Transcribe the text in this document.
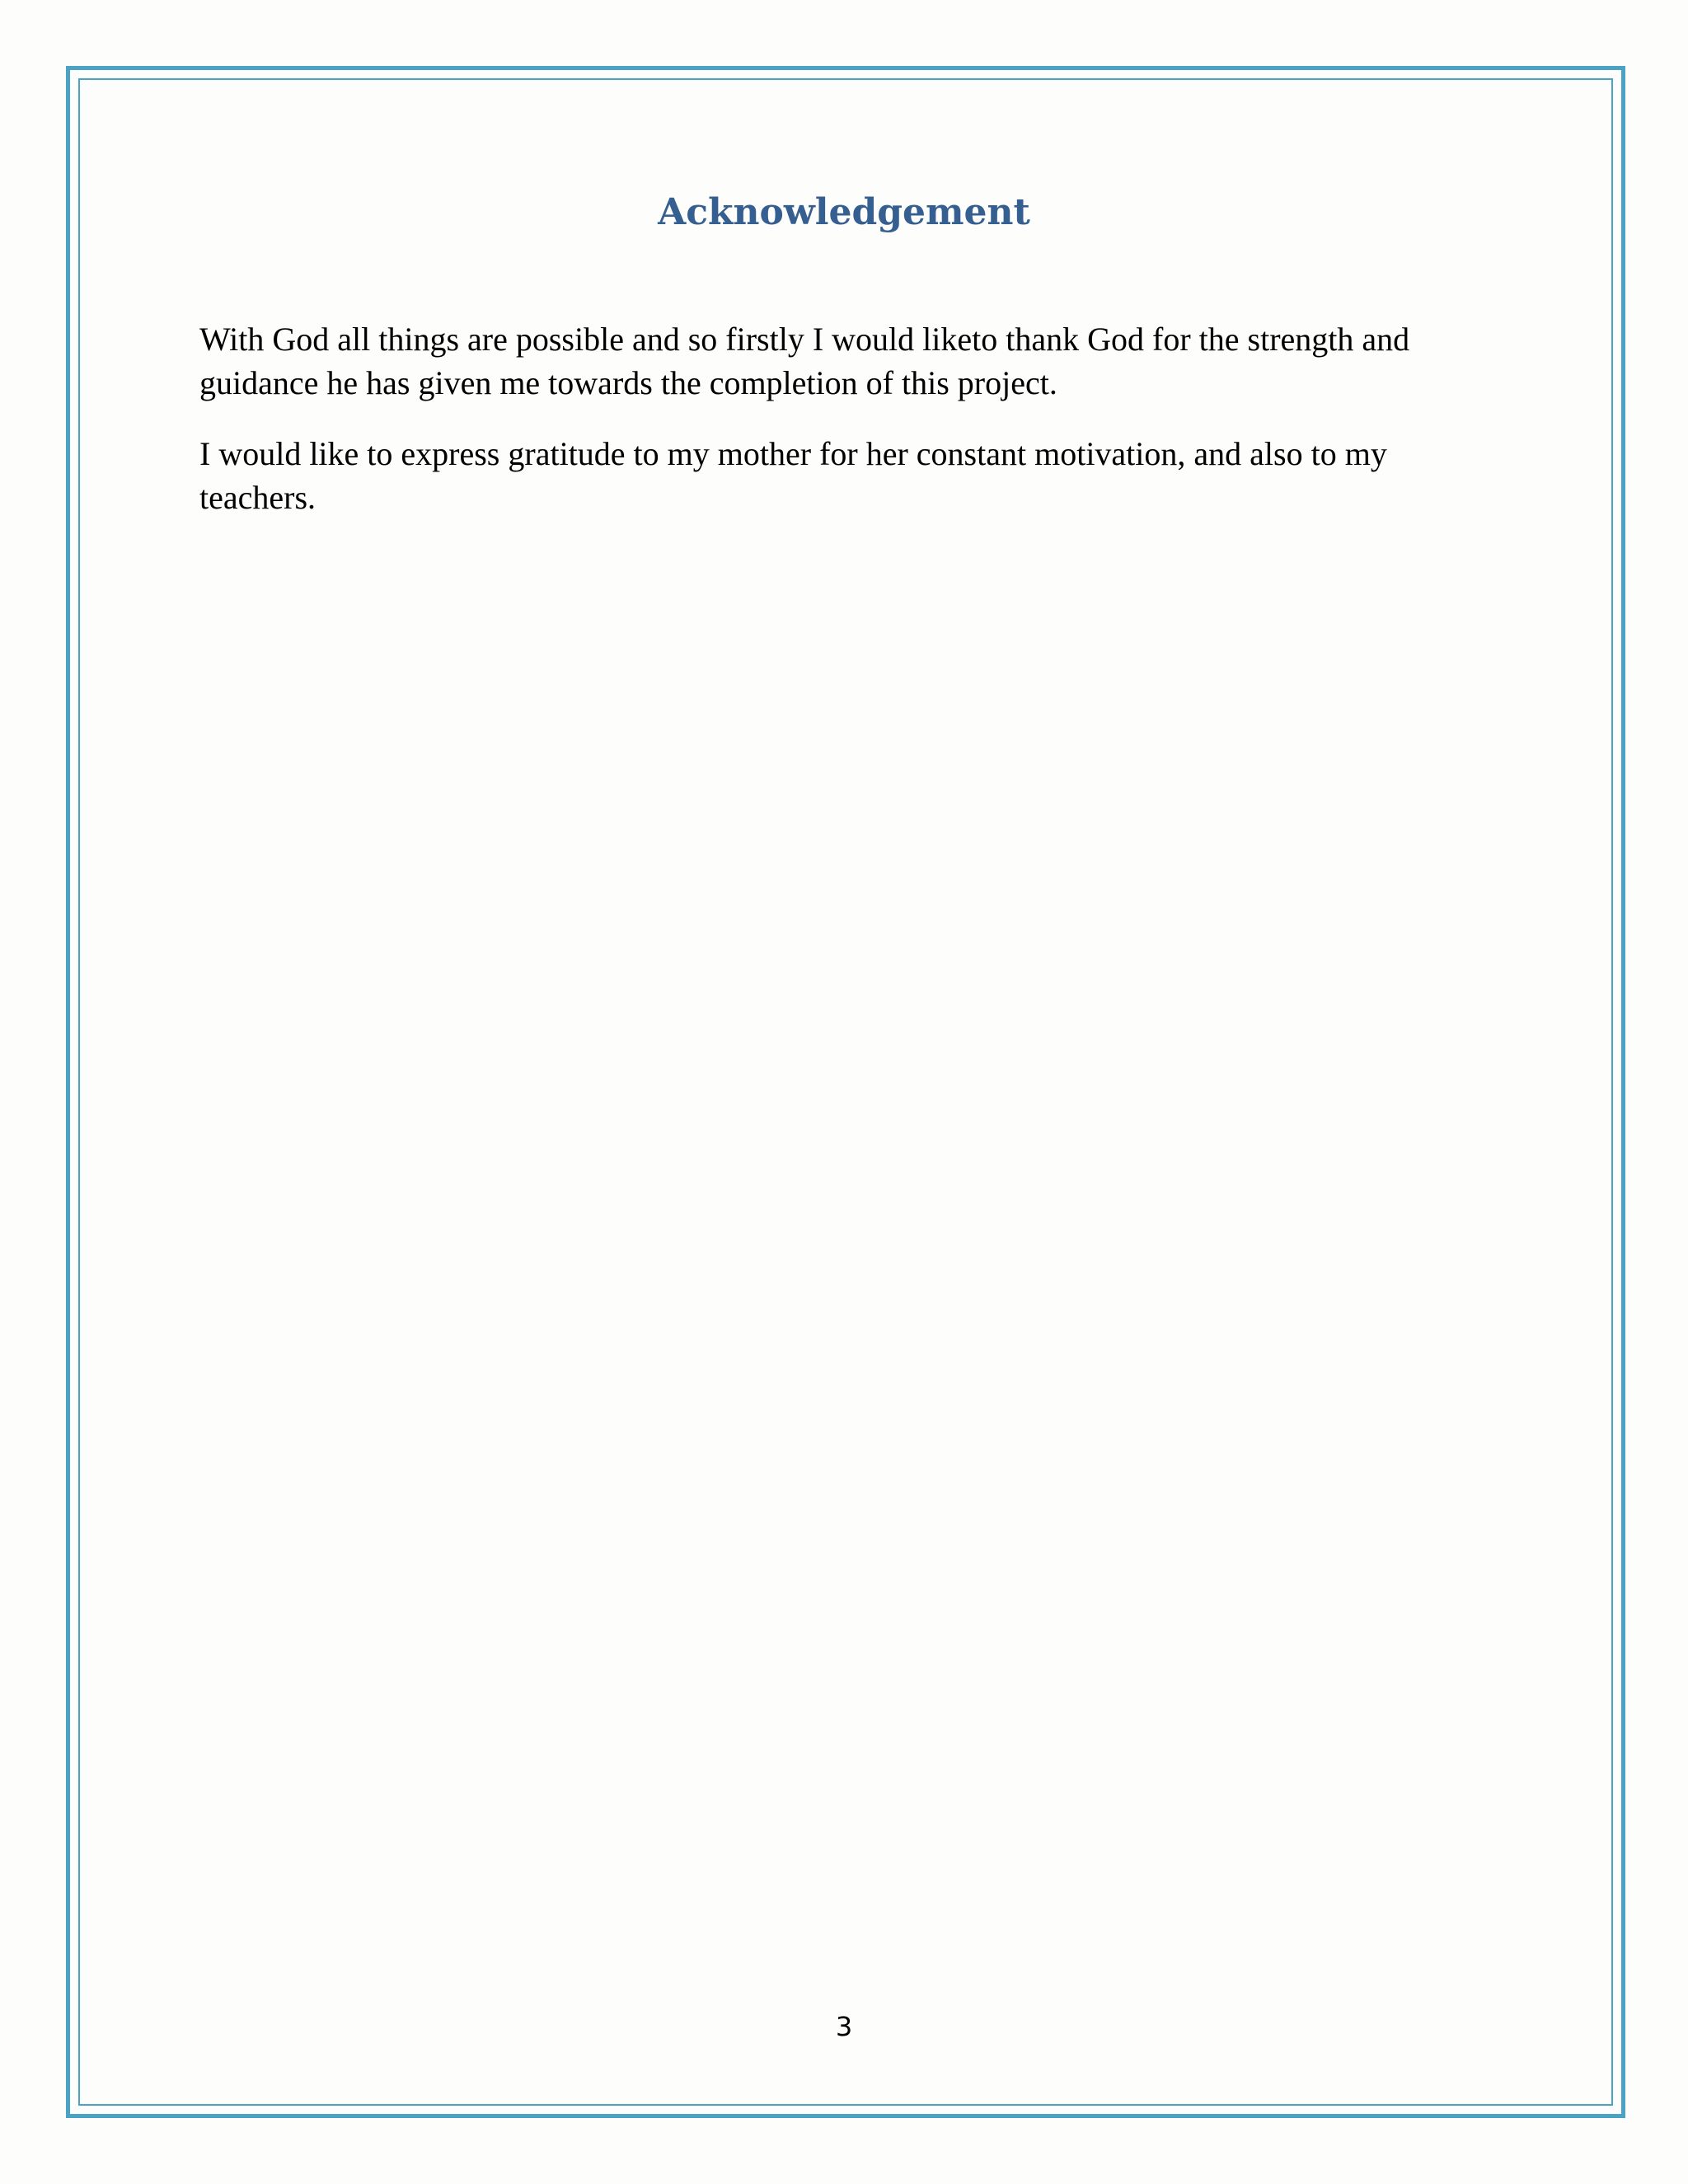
Acknowledgement

With God all things are possible and so firstly I would liketo thank God for the strength and guidance he has given me towards the completion of this project.

I would like to express gratitude to my mother for her constant motivation, and also to my teachers.

3
